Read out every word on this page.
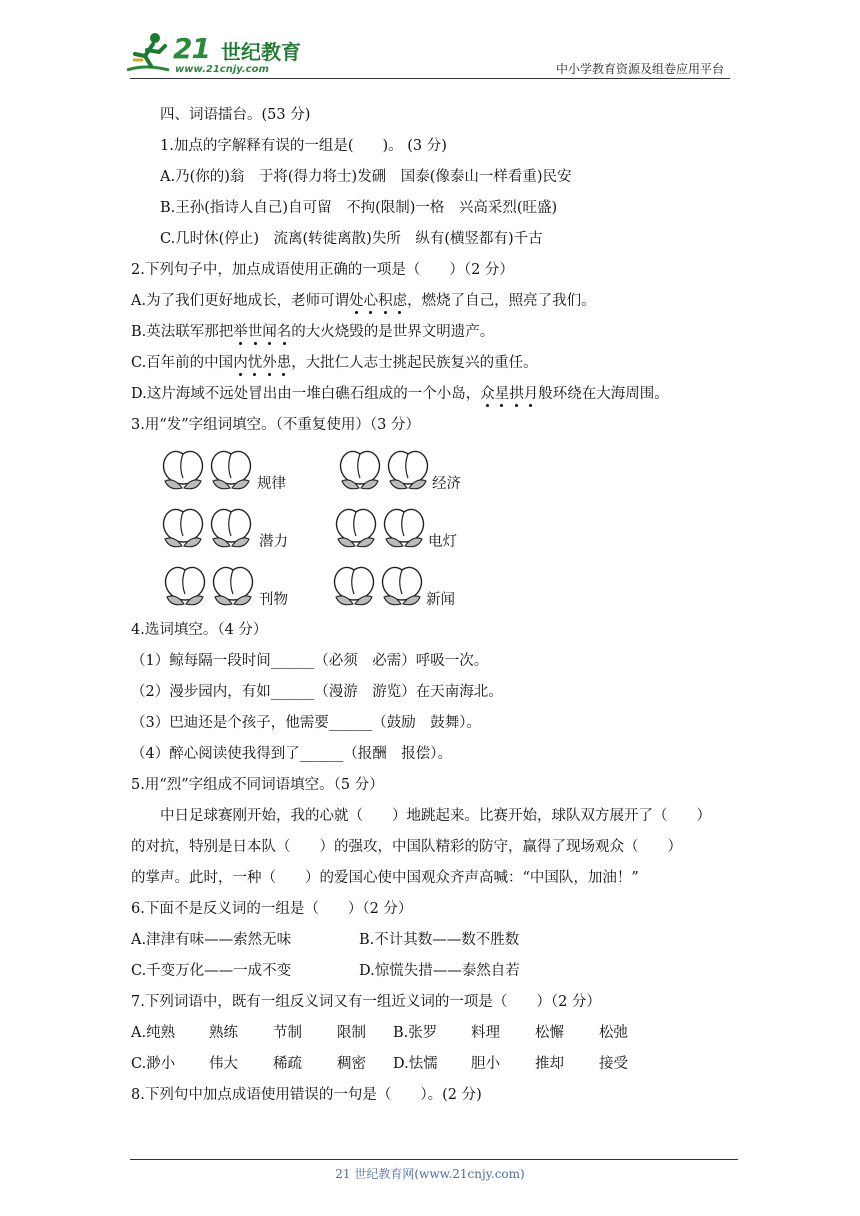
21 世纪教育
www.21cnjy.com	中小学教育资源及组卷应用平台
四、词语擂台。(53 分)
1.加点的字解释有误的一组是(　　)。 (3 分)
A.乃(你的)翁　于将(得力将士)发硎　国泰(像泰山一样看重)民安
B.王孙(指诗人自己)自可留　不拘(限制)一格　兴高采烈(旺盛)
C.几时休(停止)　流离(转徙离散)失所　纵有(横竖都有)千古
2.下列句子中，加点成语使用正确的一项是（　　）（2 分）
A.为了我们更好地成长，老师可谓处心积虑，燃烧了自己，照亮了我们。
B.英法联军那把举世闻名的大火烧毁的是世界文明遗产。
C.百年前的中国内忧外患，大批仁人志士挑起民族复兴的重任。
D.这片海域不远处冒出由一堆白礁石组成的一个小岛，众星拱月般环绕在大海周围。
3.用“发”字组词填空。（不重复使用）（3 分）
规律	经济
潜力	电灯
刊物	新闻
4.选词填空。（4 分）
（1）鲸每隔一段时间______（必须　必需）呼吸一次。
（2）漫步园内，有如______（漫游　游览）在天南海北。
（3）巴迪还是个孩子，他需要______（鼓励　鼓舞）。
（4）醉心阅读使我得到了______（报酬　报偿）。
5.用“烈”字组成不同词语填空。（5 分）
中日足球赛刚开始，我的心就（　　）地跳起来。比赛开始，球队双方展开了（　　）
的对抗，特别是日本队（　　）的强攻，中国队精彩的防守，赢得了现场观众（　　）
的掌声。此时，一种（　　）的爱国心使中国观众齐声高喊：“中国队，加油！”
6.下面不是反义词的一组是（　　）（2 分）
A.津津有味——索然无味	B.不计其数——数不胜数
C.千变万化——一成不变	D.惊慌失措——泰然自若
7.下列词语中，既有一组反义词又有一组近义词的一项是（　　）（2 分）
A.纯熟 熟练 节制 限制 B.张罗 料理 松懈 松弛
C.渺小 伟大 稀疏 稠密 D.怯懦 胆小 推却 接受
8.下列句中加点成语使用错误的一句是（　　）。(2 分)
21 世纪教育网(www.21cnjy.com)
